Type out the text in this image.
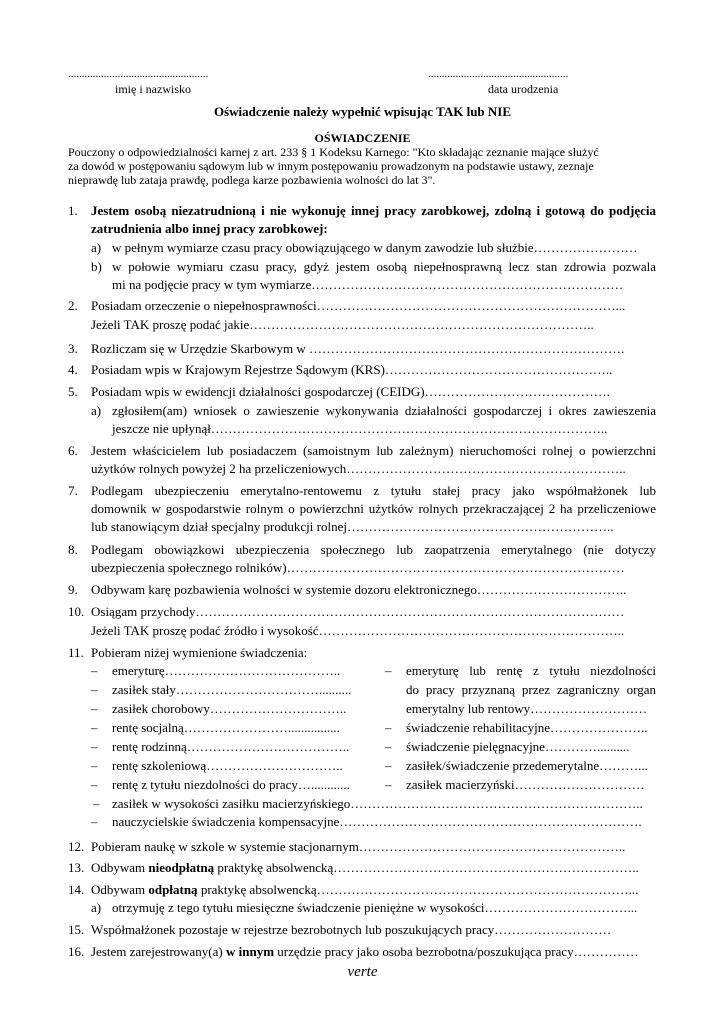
...................................................
imię i nazwisko
...................................................
data urodzenia
Oświadczenie należy wypełnić wpisując TAK lub NIE
OŚWIADCZENIE
Pouczony o odpowiedzialności karnej z art. 233 § 1 Kodeksu Karnego: "Kto składając zeznanie mające służyć
za dowód w postępowaniu sądowym lub w innym postępowaniu prowadzonym na podstawie ustawy, zeznaje
nieprawdę lub zataja prawdę, podlega karze pozbawienia wolności do lat 3".
1. Jestem osobą niezatrudnioną i nie wykonuję innej pracy zarobkowej, zdolną i gotową do podjęcia
zatrudnienia albo innej pracy zarobkowej:
a) w pełnym wymiarze czasu pracy obowiązującego w danym zawodzie lub służbie……………………
b) w połowie wymiaru czasu pracy, gdyż jestem osobą niepełnosprawną lecz stan zdrowia pozwala
mi na podjęcie pracy w tym wymiarze………………………………………………………………
2. Posiadam orzeczenie o niepełnosprawności……………………………………………………………...
Jeżeli TAK proszę podać jakie……………………………………………………………………..
3. Rozliczam się w Urzędzie Skarbowym w ……………………………………………………………….
4. Posiadam wpis w Krajowym Rejestrze Sądowym (KRS)……………………………………………..
5. Posiadam wpis w ewidencji działalności gospodarczej (CEIDG)…………………………………….
a) zgłosiłem(am) wniosek o zawieszenie wykonywania działalności gospodarczej i okres zawieszenia
jeszcze nie upłynął………………………………………………………………………………..
6. Jestem właścicielem lub posiadaczem (samoistnym lub zależnym) nieruchomości rolnej o powierzchni
użytków rolnych powyżej 2 ha przeliczeniowych………………………………………………………..
7. Podlegam ubezpieczeniu emerytalno-rentowemu z tytułu stałej pracy jako współmałżonek lub
domownik w gospodarstwie rolnym o powierzchni użytków rolnych przekraczającej 2 ha przeliczeniowe
lub stanowiącym dział specjalny produkcji rolnej……………………………………………………..
8. Podlegam obowiązkowi ubezpieczenia społecznego lub zaopatrzenia emerytalnego (nie dotyczy
ubezpieczenia społecznego rolników)……………………………………………………………………
9. Odbywam karę pozbawienia wolności w systemie dozoru elektronicznego……………………………..
10. Osiągam przychody………………………………………………………………………………………
Jeżeli TAK proszę podać źródło i wysokość……………………………………………………………..
11. Pobieram niżej wymienione świadczenia:
– emeryturę…………………………………..
– zasiłek stały……………………………..........
– zasiłek chorobowy…………………………..
– rentę socjalną……………………................
– rentę rodzinną………………………………..
– rentę szkoleniową…………………………..
– rentę z tytułu niezdolności do pracy…............
– emeryturę lub rentę z tytułu niezdolności
do pracy przyznaną przez zagraniczny organ
emerytalny lub rentowy………………………
– świadczenie rehabilitacyjne…………………..
– świadczenie pielęgnacyjne…………..........
– zasiłek/świadczenie przedemerytalne………...
– zasiłek macierzyński…………………………
– zasiłek w wysokości zasiłku macierzyńskiego…………………………………………………………..
– nauczycielskie świadczenia kompensacyjne…………………………………………………………….
12. Pobieram naukę w szkole w systemie stacjonarnym……………………………………………………..
13. Odbywam nieodpłatną praktykę absolwencką……………………………………………………………..
14. Odbywam odpłatną praktykę absolwencką………………………………………………………………...
a) otrzymuję z tego tytułu miesięczne świadczenie pieniężne w wysokości……………………………...
15. Współmałżonek pozostaje w rejestrze bezrobotnych lub poszukujących pracy………………………
16. Jestem zarejestrowany(a) w innym urzędzie pracy jako osoba bezrobotna/poszukująca pracy……………
verte
